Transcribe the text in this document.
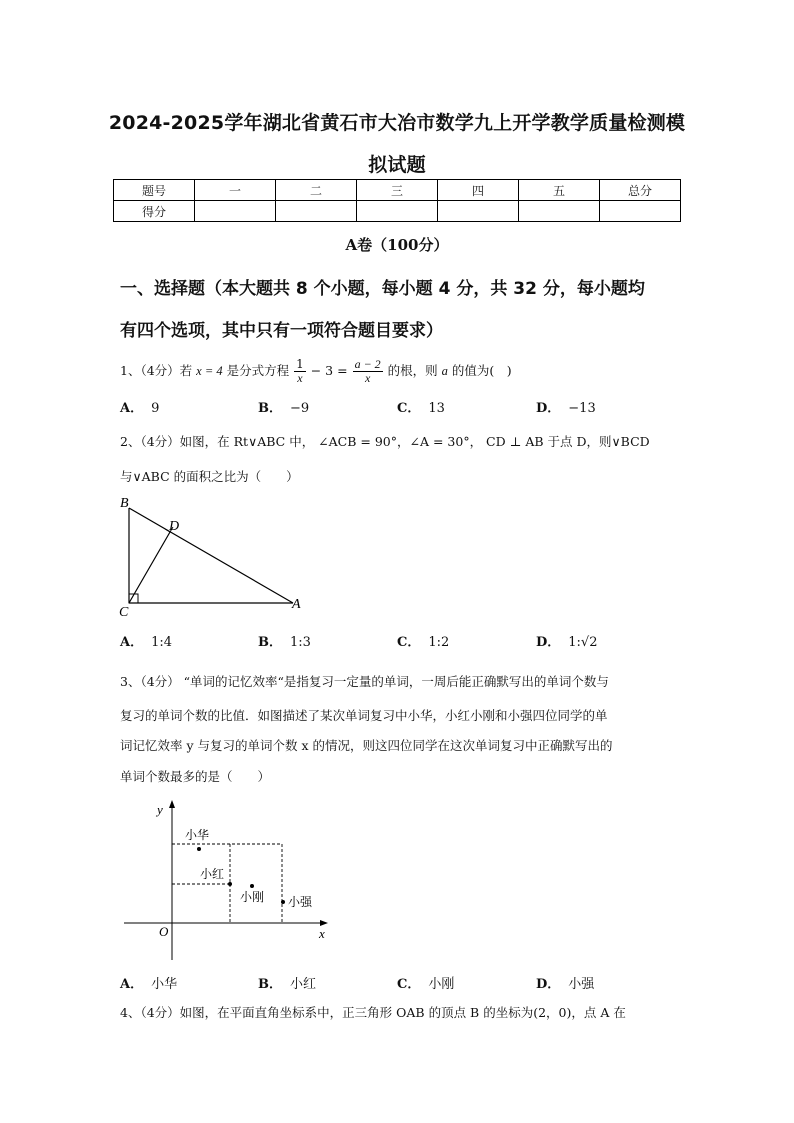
2024-2025学年湖北省黄石市大冶市数学九上开学教学质量检测模
拟试题
题号	一	二	三	四	五	总分
得分						
A卷（100分）
一、选择题（本大题共 8 个小题，每小题 4 分，共 32 分，每小题均
有四个选项，其中只有一项符合题目要求）
1、（4分）若 x = 4 是分式方程 $\frac{1}{x} - 3 = \frac{a - 2}{x}$ 的根，则 a 的值为(　)
A． 9	B． −9	C． 13	D． −13
2、（4分）如图，在 Rt∨ABC 中， ∠ACB = 90°，∠A = 30°， CD ⊥ AB 于点 D，则∨BCD
与∨ABC 的面积之比为（　　）
B
D
C
A
A． 1:4	B． 1:3	C． 1:2	D． 1:√2
3、（4分） “单词的记忆效率“是指复习一定量的单词，一周后能正确默写出的单词个数与
复习的单词个数的比值．如图描述了某次单词复习中小华，小红小刚和小强四位同学的单
词记忆效率 y 与复习的单词个数 x 的情况，则这四位同学在这次单词复习中正确默写出的
单词个数最多的是（　　）
y
x
O
小华
小红
小刚 小强
A． 小华	B． 小红	C． 小刚	D． 小强
4、（4分）如图，在平面直角坐标系中，正三角形 OAB 的顶点 B 的坐标为(2，0)，点 A 在
